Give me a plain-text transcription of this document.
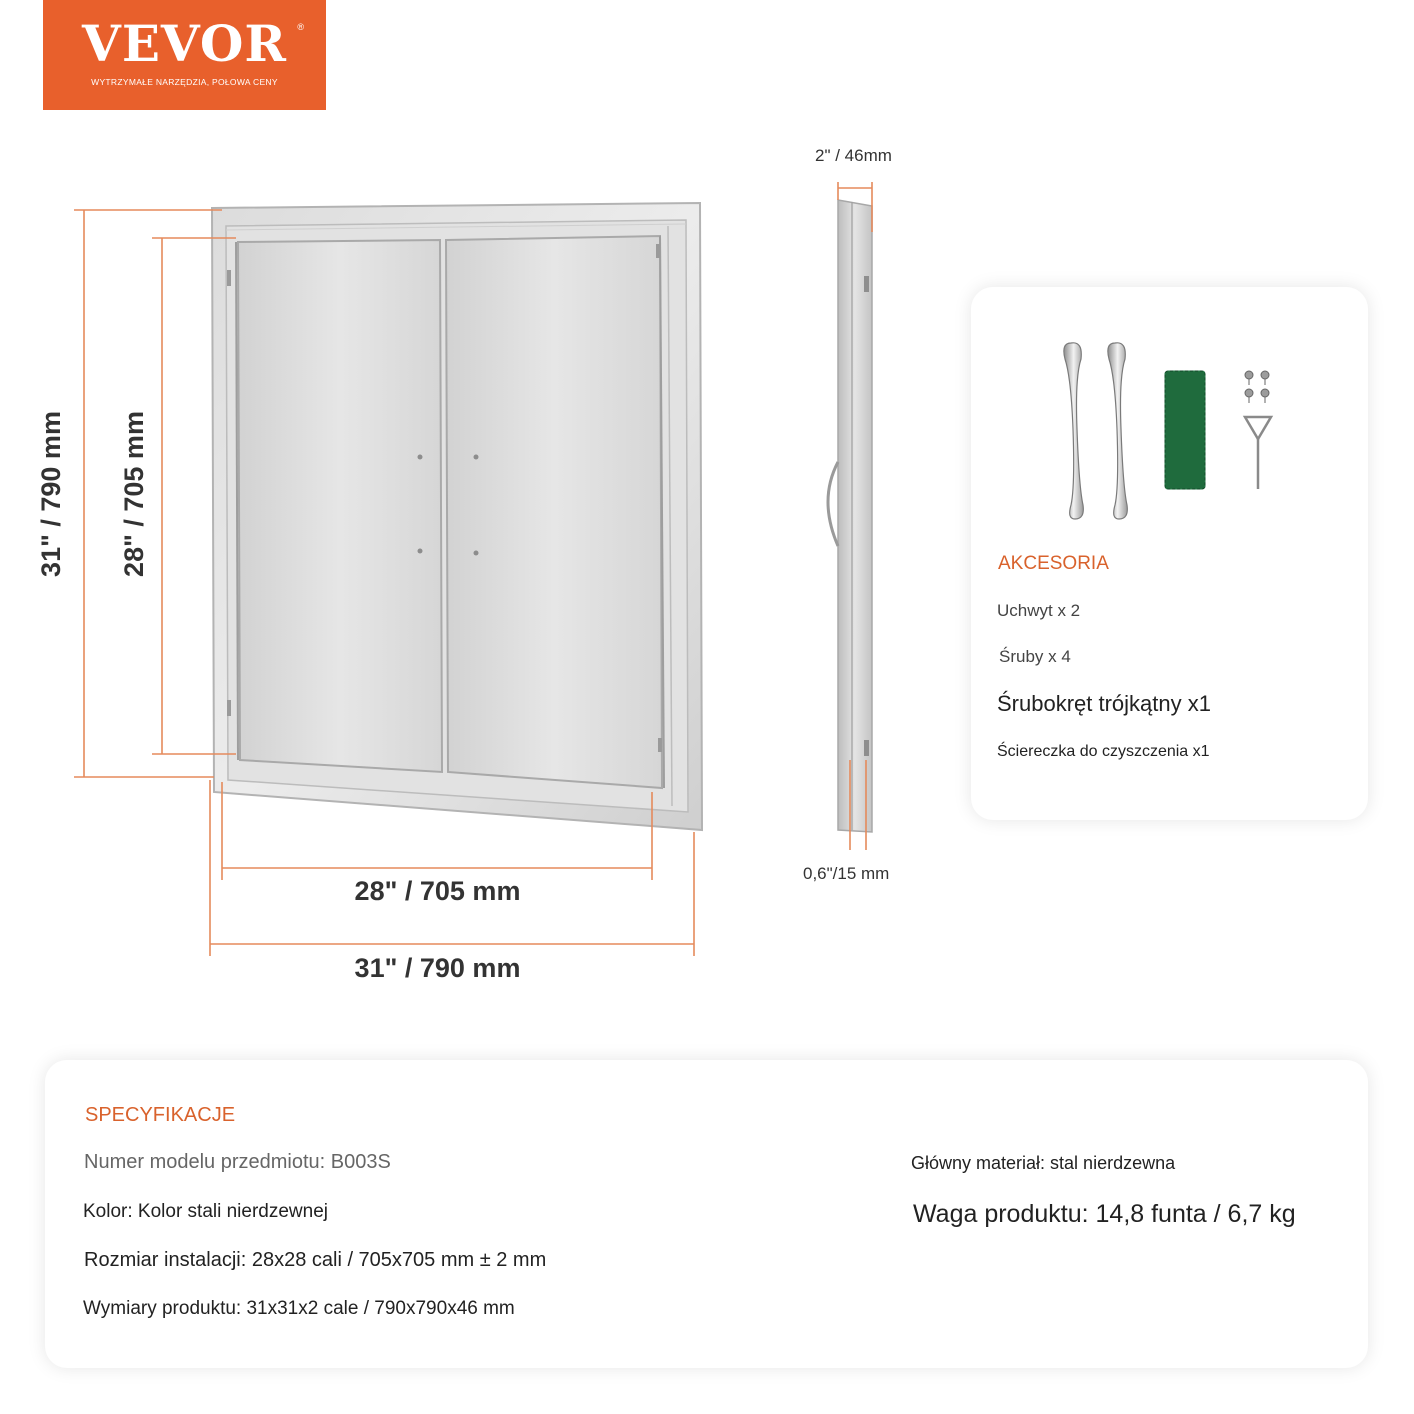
VEVOR	®
WYTRZYMAŁE NARZĘDZIA, POŁOWA CENY
31" / 790 mm 28" / 705 mm
28" / 705 mm
31" / 790 mm
2" / 46mm
0,6"/15 mm
AKCESORIA
Uchwyt x 2
Śruby x 4
Śrubokręt trójkątny x1
Ściereczka do czyszczenia x1
SPECYFIKACJE
Numer modelu przedmiotu: B003S
Kolor: Kolor stali nierdzewnej
Rozmiar instalacji: 28x28 cali / 705x705 mm ± 2 mm
Wymiary produktu: 31x31x2 cale / 790x790x46 mm
Główny materiał: stal nierdzewna
Waga produktu: 14,8 funta / 6,7 kg
